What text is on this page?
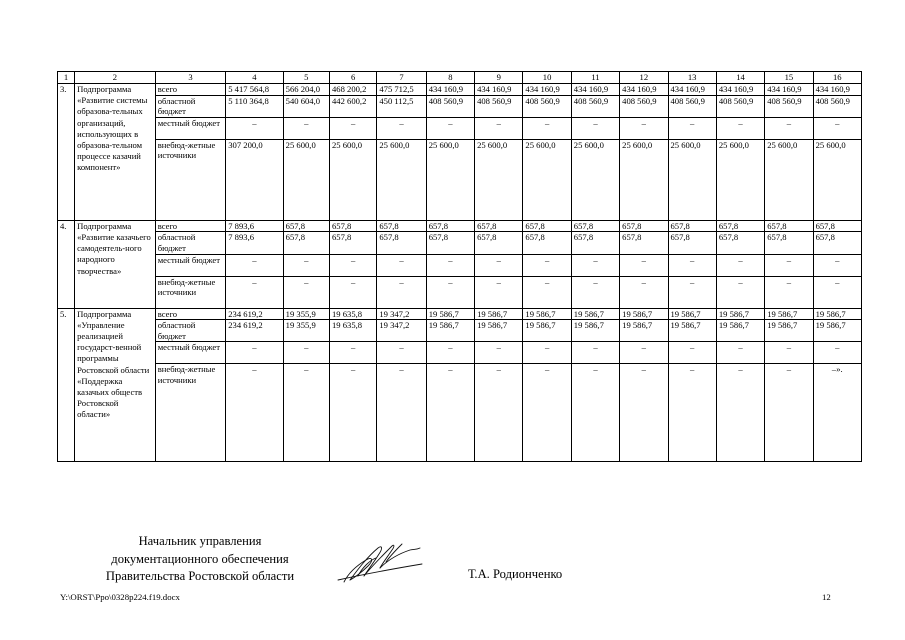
1	2	3	4	5	6	7	8	9	10	11	12	13	14	15	16
3.	Подпрограмма «Развитие системы образова-тельных организаций, использующих в образова-тельном процессе казачий компонент»	всего	5 417 564,8	566 204,0	468 200,2	475 712,5	434 160,9	434 160,9	434 160,9	434 160,9	434 160,9	434 160,9	434 160,9	434 160,9	434 160,9
		областной бюджет	5 110 364,8	540 604,0	442 600,2	450 112,5	408 560,9	408 560,9	408 560,9	408 560,9	408 560,9	408 560,9	408 560,9	408 560,9	408 560,9
		местный бюджет	–	–	–	–	–	–	–	–	–	–	–	–	–
		внебюд-жетные источники	307 200,0	25 600,0	25 600,0	25 600,0	25 600,0	25 600,0	25 600,0	25 600,0	25 600,0	25 600,0	25 600,0	25 600,0	25 600,0
4.	Подпрограмма «Развитие казачьего самодеятель-ного народного творчества»	всего	7 893,6	657,8	657,8	657,8	657,8	657,8	657,8	657,8	657,8	657,8	657,8	657,8	657,8
		областной бюджет	7 893,6	657,8	657,8	657,8	657,8	657,8	657,8	657,8	657,8	657,8	657,8	657,8	657,8
		местный бюджет	–	–	–	–	–	–	–	–	–	–	–	–	–
		внебюд-жетные источники	–	–	–	–	–	–	–	–	–	–	–	–	–
5.	Подпрограмма «Управление реализацией государст-венной программы Ростовской области «Поддержка казачьих обществ Ростовской области»	всего	234 619,2	19 355,9	19 635,8	19 347,2	19 586,7	19 586,7	19 586,7	19 586,7	19 586,7	19 586,7	19 586,7	19 586,7	19 586,7
		областной бюджет	234 619,2	19 355,9	19 635,8	19 347,2	19 586,7	19 586,7	19 586,7	19 586,7	19 586,7	19 586,7	19 586,7	19 586,7	19 586,7
		местный бюджет	–	–	–	–	–	–	–	–	–	–	–	–	–
		внебюд-жетные источники	–	–	–	–	–	–	–	–	–	–	–	–	–».
Начальник управления
документационного обеспечения
Правительства Ростовской области	Т.А. Родионченко
Y:\ORST\Ppo\0328p224.f19.docx	12
